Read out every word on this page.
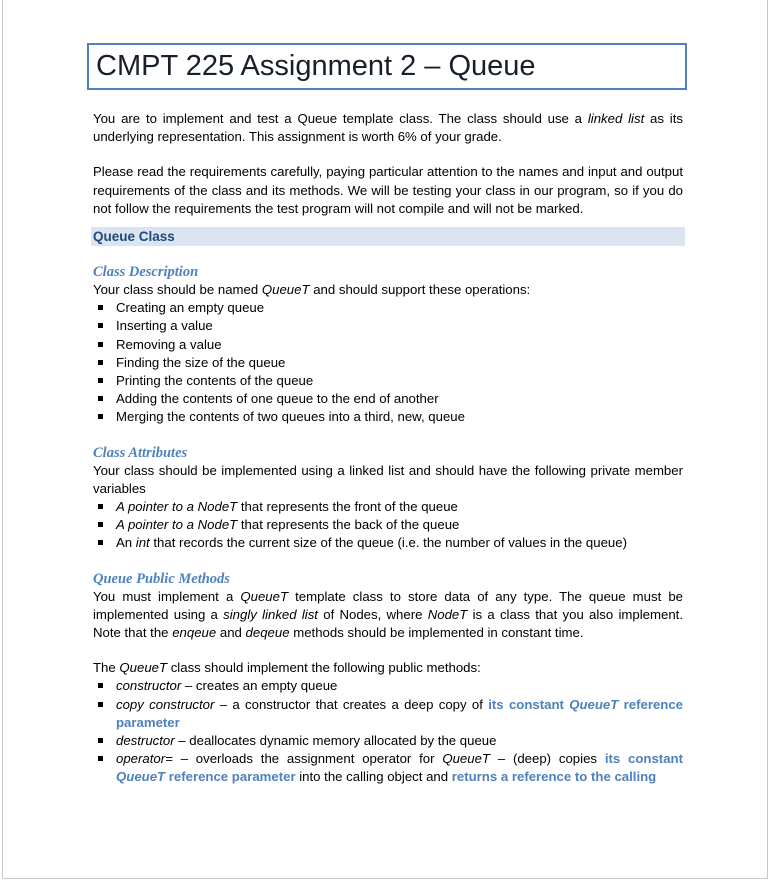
CMPT 225 Assignment 2 – Queue

You are to implement and test a Queue template class. The class should use a linked list as its underlying representation. This assignment is worth 6% of your grade.

Please read the requirements carefully, paying particular attention to the names and input and output requirements of the class and its methods. We will be testing your class in our program, so if you do not follow the requirements the test program will not compile and will not be marked.

Queue Class
Class Description

Your class should be named QueueT and should support these operations:

Creating an empty queue
Inserting a value
Removing a value
Finding the size of the queue
Printing the contents of the queue
Adding the contents of one queue to the end of another
Merging the contents of two queues into a third, new, queue
Class Attributes

Your class should be implemented using a linked list and should have the following private member variables

A pointer to a NodeT that represents the front of the queue
A pointer to a NodeT that represents the back of the queue
An int that records the current size of the queue (i.e. the number of values in the queue)
Queue Public Methods

You must implement a QueueT template class to store data of any type. The queue must be implemented using a singly linked list of Nodes, where NodeT is a class that you also implement. Note that the enqeue and deqeue methods should be implemented in constant time.

The QueueT class should implement the following public methods:

constructor – creates an empty queue
copy constructor – a constructor that creates a deep copy of its constant QueueT reference parameter
destructor – deallocates dynamic memory allocated by the queue
operator= – overloads the assignment operator for QueueT – (deep) copies its constant QueueT reference parameter into the calling object and returns a reference to the calling
